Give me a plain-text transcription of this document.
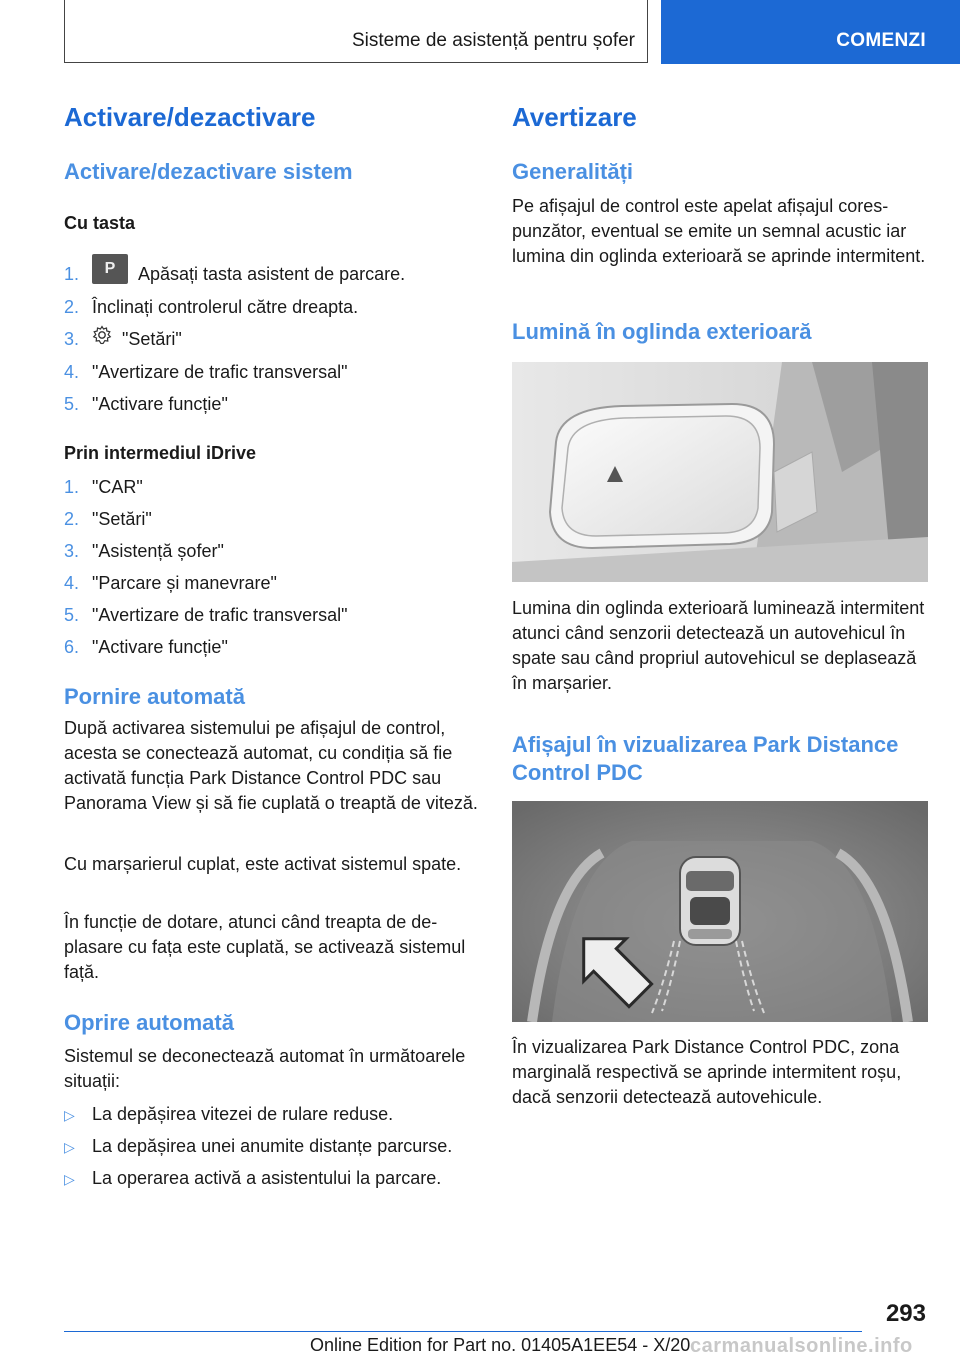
Sisteme de asistență pentru șofer	COMENZI
Activare/dezactivare
Activare/dezactivare sistem
Cu tasta
1. P Apăsați tasta asistent de parcare.
2. Înclinați controlerul către dreapta.
3. "Setări"
4. "Avertizare de trafic transversal"
5. "Activare funcție"
Prin intermediul iDrive
1. "CAR"
2. "Setări"
3. "Asistență șofer"
4. "Parcare și manevrare"
5. "Avertizare de trafic transversal"
6. "Activare funcție"
Pornire automată

După activarea sistemului pe afișajul de control, acesta se conectează automat, cu condiția să fie activată funcția Park Distance Control PDC sau Panorama View și să fie cuplată o treaptă de viteză.

Cu marșarierul cuplat, este activat sistemul spate.

În funcție de dotare, atunci când treapta de deplasare cu fața este cuplată, se activează sistemul față.

Oprire automată

Sistemul se deconectează automat în următoarele situații:

▷ La depășirea vitezei de rulare reduse.
▷ La depășirea unei anumite distanțe parcurse.
▷ La operarea activă a asistentului la parcare.
Avertizare
Generalități

Pe afișajul de control este apelat afișajul corespunzător, eventual se emite un semnal acustic iar lumina din oglinda exterioară se aprinde intermitent.

Lumină în oglinda exterioară

Lumina din oglinda exterioară luminează intermitent atunci când senzorii detectează un autovehicul în spate sau când propriul autovehicul se deplasează în marșarier.

Afișajul în vizualizarea Park Distance Control PDC

În vizualizarea Park Distance Control PDC, zona marginală respectivă se aprinde intermitent roșu, dacă senzorii detectează autovehicule.

293
Online Edition for Part no. 01405A1EE54 - X/20 carmanualsonline.info
